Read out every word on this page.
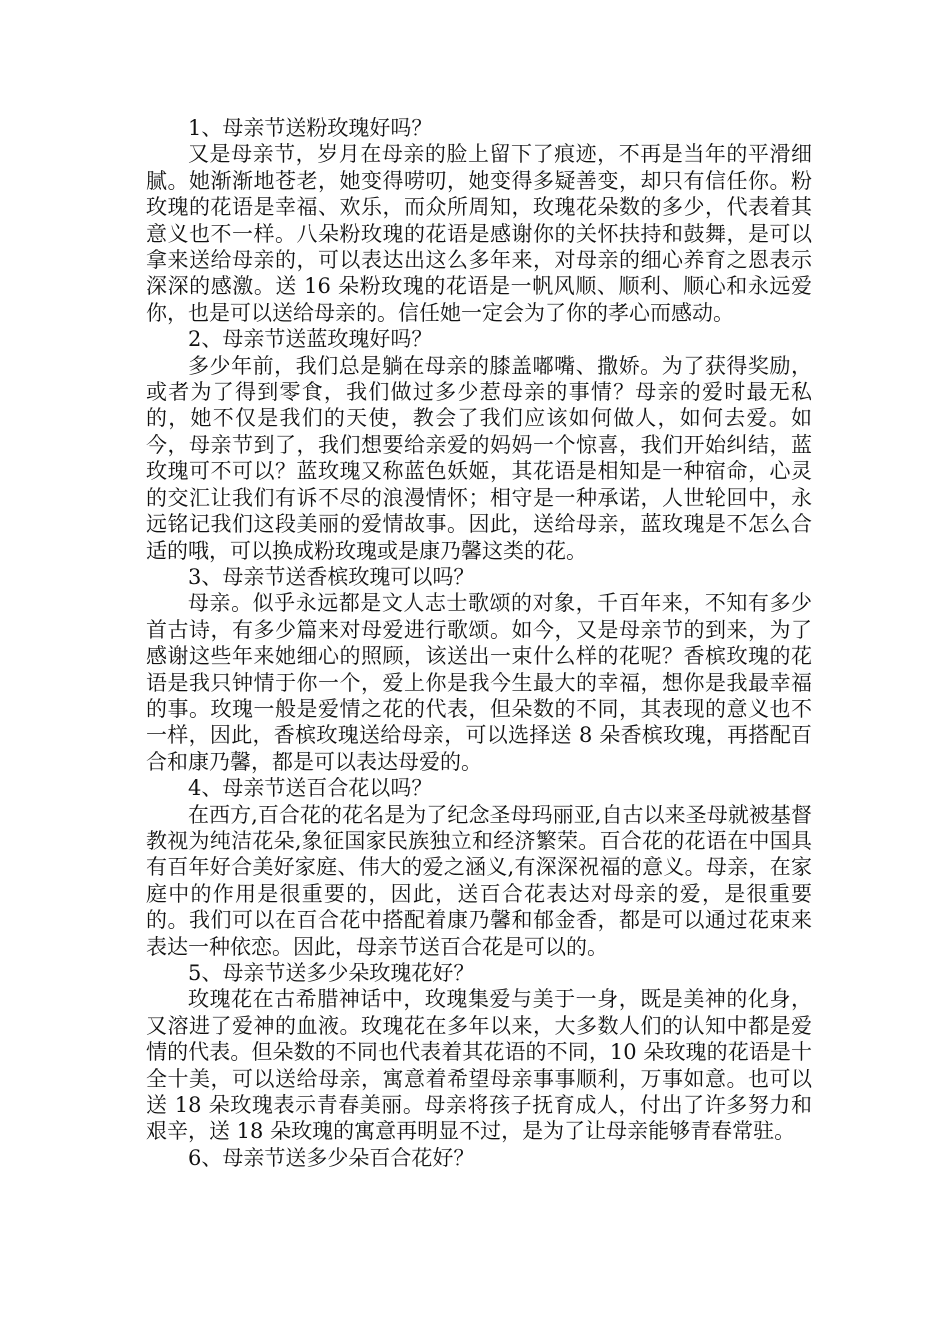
1、母亲节送粉玫瑰好吗？

又是母亲节，岁月在母亲的脸上留下了痕迹，不再是当年的平滑细腻。她渐渐地苍老，她变得唠叨，她变得多疑善变，却只有信任你。粉玫瑰的花语是幸福、欢乐，而众所周知，玫瑰花朵数的多少，代表着其意义也不一样。八朵粉玫瑰的花语是感谢你的关怀扶持和鼓舞，是可以拿来送给母亲的，可以表达出这么多年来，对母亲的细心养育之恩表示深深的感激。送 16 朵粉玫瑰的花语是一帆风顺、顺利、顺心和永远爱你，也是可以送给母亲的。信任她一定会为了你的孝心而感动。

2、母亲节送蓝玫瑰好吗？

多少年前，我们总是躺在母亲的膝盖嘟嘴、撒娇。为了获得奖励，或者为了得到零食，我们做过多少惹母亲的事情？母亲的爱时最无私的，她不仅是我们的天使，教会了我们应该如何做人，如何去爱。如今，母亲节到了，我们想要给亲爱的妈妈一个惊喜，我们开始纠结，蓝玫瑰可不可以？蓝玫瑰又称蓝色妖姬，其花语是相知是一种宿命，心灵的交汇让我们有诉不尽的浪漫情怀；相守是一种承诺，人世轮回中，永远铭记我们这段美丽的爱情故事。因此，送给母亲，蓝玫瑰是不怎么合适的哦，可以换成粉玫瑰或是康乃馨这类的花。

3、母亲节送香槟玫瑰可以吗？

母亲。似乎永远都是文人志士歌颂的对象，千百年来，不知有多少首古诗，有多少篇来对母爱进行歌颂。如今，又是母亲节的到来，为了感谢这些年来她细心的照顾，该送出一束什么样的花呢？香槟玫瑰的花语是我只钟情于你一个，爱上你是我今生最大的幸福，想你是我最幸福的事。玫瑰一般是爱情之花的代表，但朵数的不同，其表现的意义也不一样，因此，香槟玫瑰送给母亲，可以选择送 8 朵香槟玫瑰，再搭配百合和康乃馨，都是可以表达母爱的。

4、母亲节送百合花以吗？

在西方,百合花的花名是为了纪念圣母玛丽亚,自古以来圣母就被基督教视为纯洁花朵,象征国家民族独立和经济繁荣。百合花的花语在中国具有百年好合美好家庭、伟大的爱之涵义,有深深祝福的意义。母亲，在家庭中的作用是很重要的，因此，送百合花表达对母亲的爱，是很重要的。我们可以在百合花中搭配着康乃馨和郁金香，都是可以通过花束来表达一种依恋。因此，母亲节送百合花是可以的。

5、母亲节送多少朵玫瑰花好？

玫瑰花在古希腊神话中，玫瑰集爱与美于一身，既是美神的化身，又溶进了爱神的血液。玫瑰花在多年以来，大多数人们的认知中都是爱情的代表。但朵数的不同也代表着其花语的不同，10 朵玫瑰的花语是十全十美，可以送给母亲，寓意着希望母亲事事顺利，万事如意。也可以送 18 朵玫瑰表示青春美丽。母亲将孩子抚育成人，付出了许多努力和艰辛，送 18 朵玫瑰的寓意再明显不过，是为了让母亲能够青春常驻。

6、母亲节送多少朵百合花好？
